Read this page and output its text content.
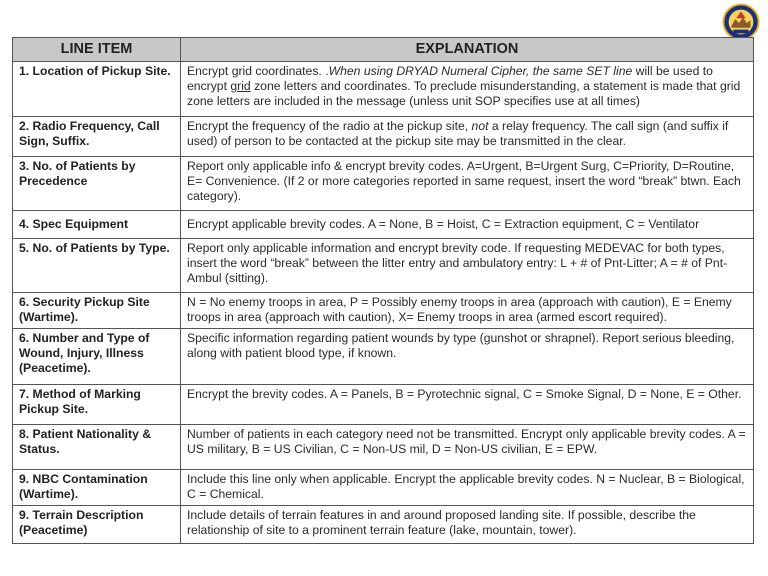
LINE ITEM	EXPLANATION
1. Location of Pickup Site.	Encrypt grid coordinates. .When using DRYAD Numeral Cipher, the same SET line will be used to encrypt grid zone letters and coordinates. To preclude misunderstanding, a statement is made that grid zone letters are included in the message (unless unit SOP specifies use at all times)
2. Radio Frequency, Call Sign, Suffix.	Encrypt the frequency of the radio at the pickup site, not a relay frequency. The call sign (and suffix if used) of person to be contacted at the pickup site may be transmitted in the clear.
3. No. of Patients by Precedence	Report only applicable info & encrypt brevity codes. A=Urgent, B=Urgent Surg, C=Priority, D=Routine, E= Convenience. (If 2 or more categories reported in same request, insert the word “break” btwn. Each category).
4. Spec Equipment	Encrypt applicable brevity codes. A = None, B = Hoist, C = Extraction equipment, C = Ventilator
5. No. of Patients by Type.	Report only applicable information and encrypt brevity code. If requesting MEDEVAC for both types, insert the word “break” between the litter entry and ambulatory entry: L + # of Pnt-Litter; A = # of Pnt-Ambul (sitting).
6. Security Pickup Site (Wartime).	N = No enemy troops in area, P = Possibly enemy troops in area (approach with caution), E = Enemy troops in area (approach with caution), X= Enemy troops in area (armed escort required).
6. Number and Type of Wound, Injury, Illness (Peacetime).	Specific information regarding patient wounds by type (gunshot or shrapnel). Report serious bleeding, along with patient blood type, if known.
7. Method of Marking Pickup Site.	Encrypt the brevity codes. A = Panels, B = Pyrotechnic signal, C = Smoke Signal, D = None, E = Other.
8. Patient Nationality & Status.	Number of patients in each category need not be transmitted. Encrypt only applicable brevity codes. A = US military, B = US Civilian, C = Non-US mil, D = Non-US civilian, E = EPW.
9. NBC Contamination (Wartime).	Include this line only when applicable. Encrypt the applicable brevity codes. N = Nuclear, B = Biological, C = Chemical.
9. Terrain Description (Peacetime)	Include details of terrain features in and around proposed landing site. If possible, describe the relationship of site to a prominent terrain feature (lake, mountain, tower).
